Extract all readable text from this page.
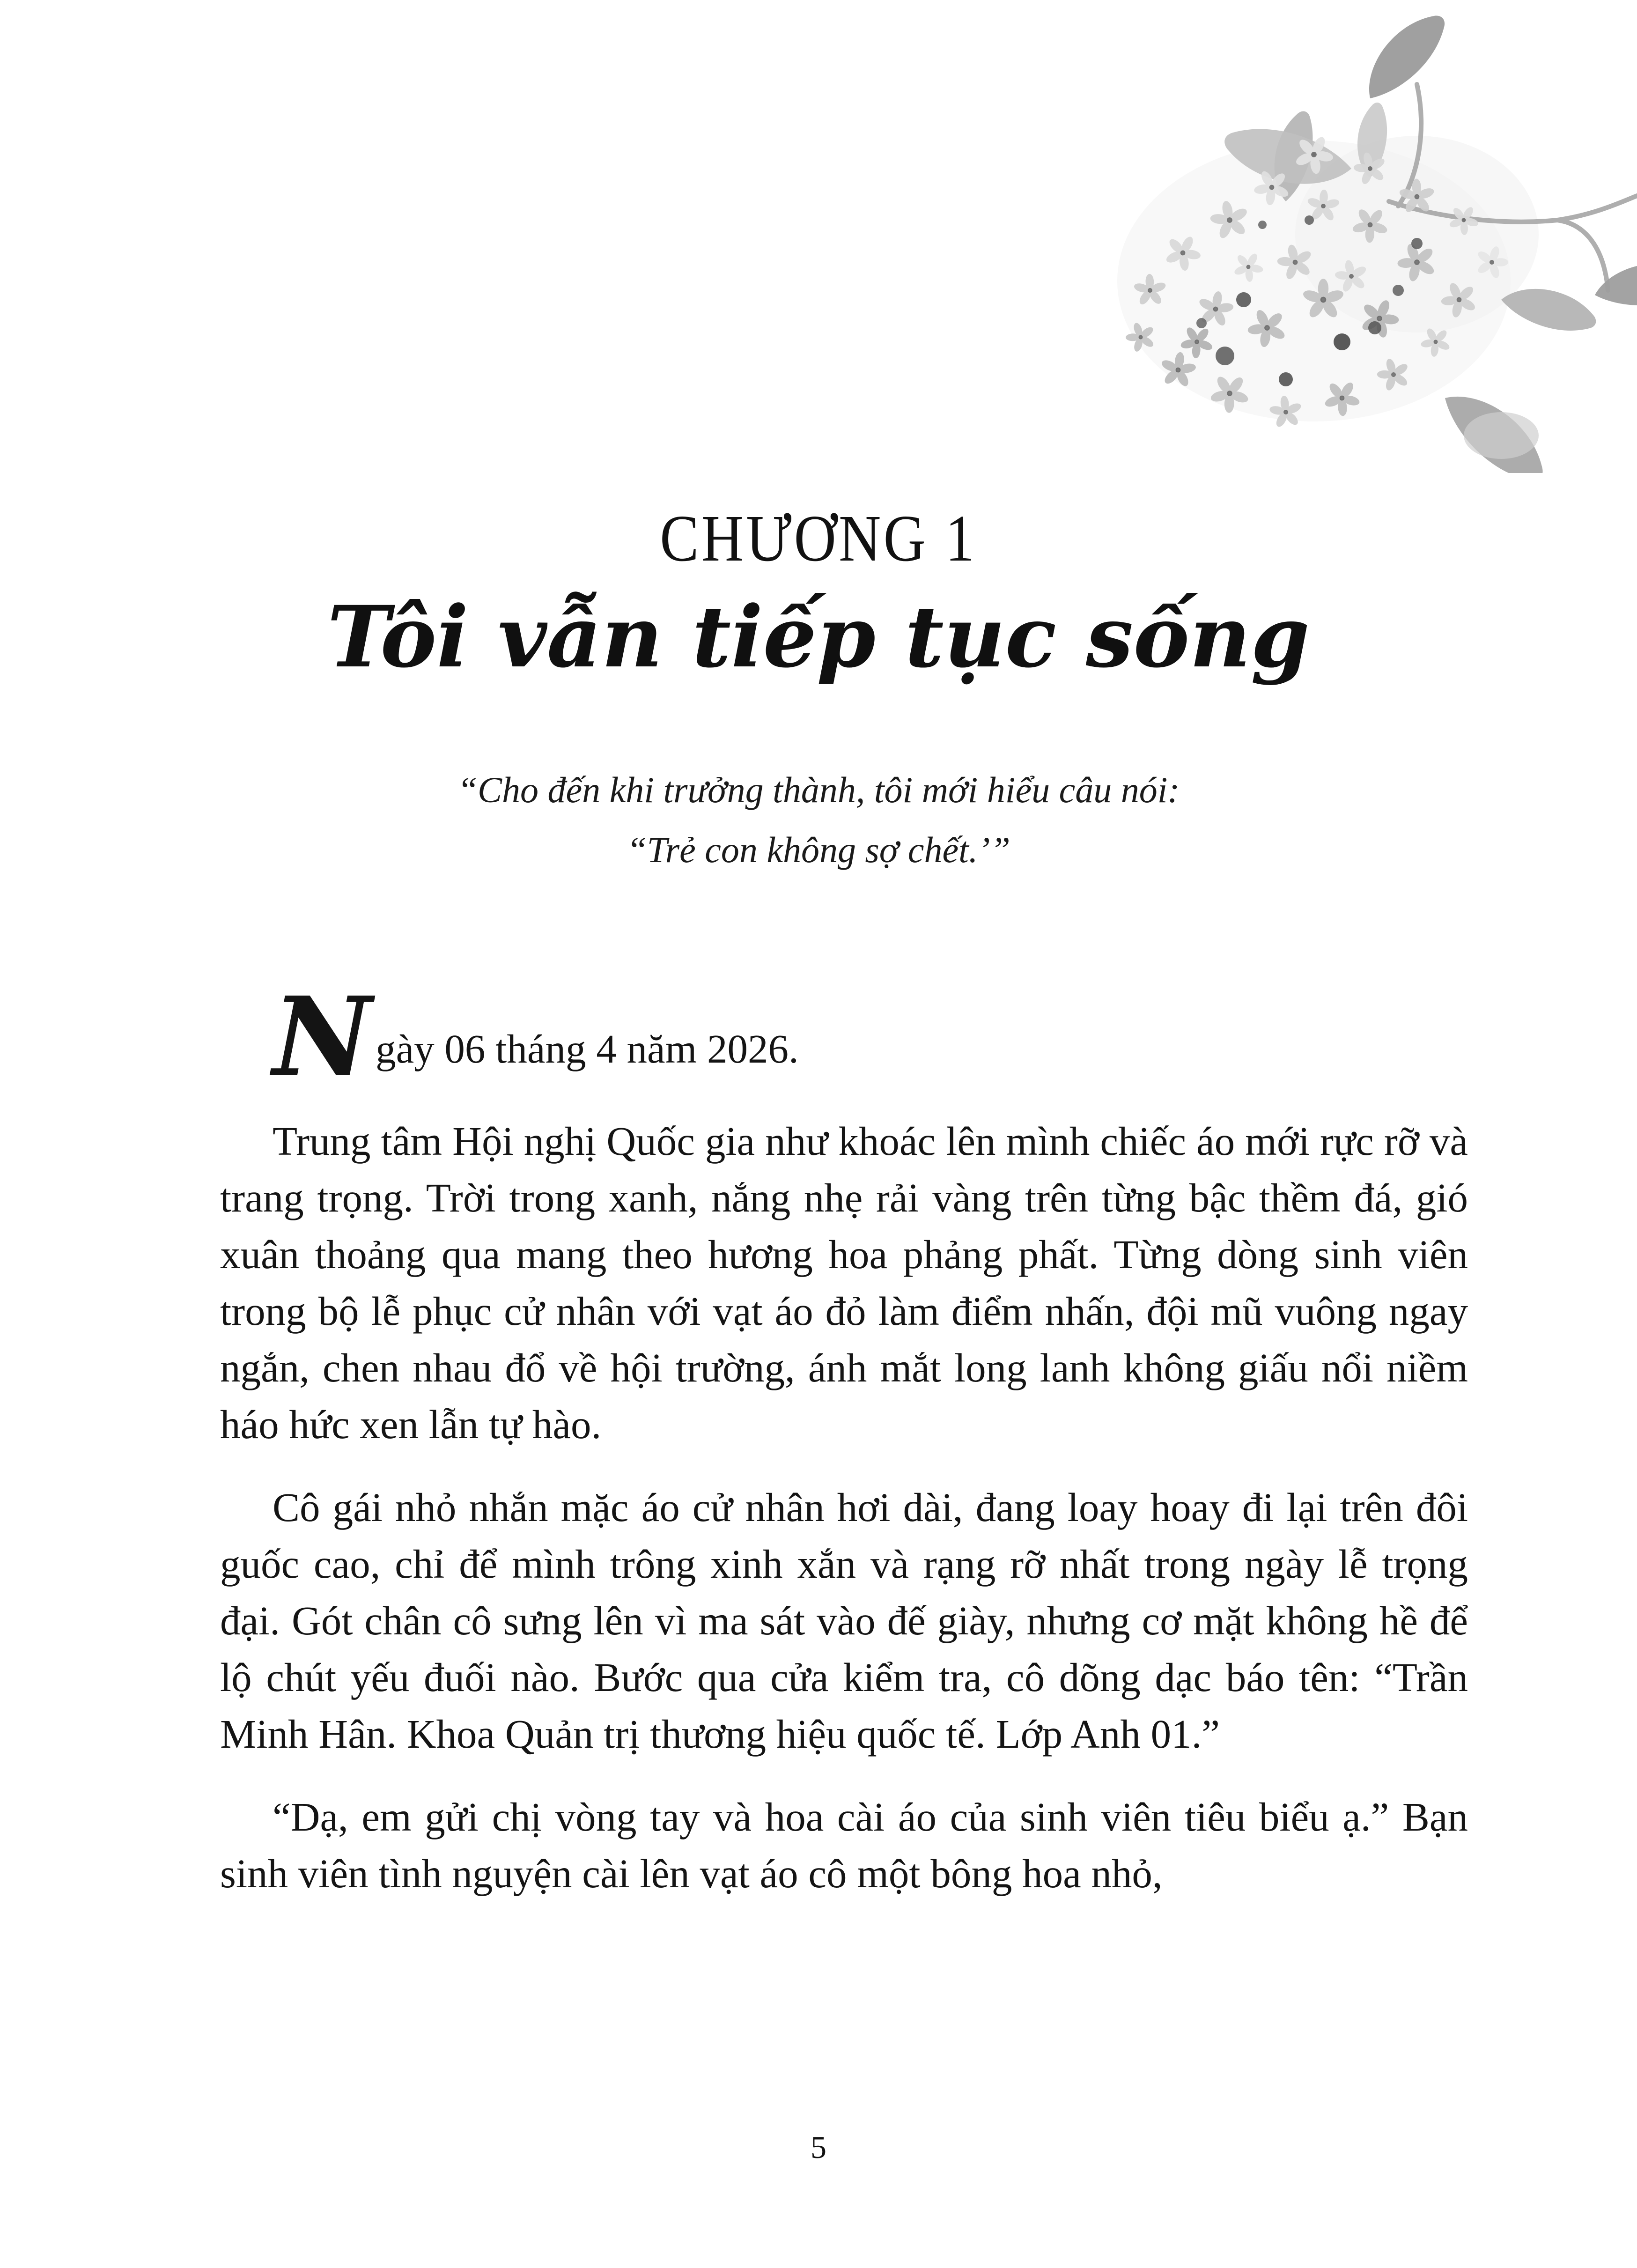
CHƯƠNG 1
Tôi vẫn tiếp tục sống
“Cho đến khi trưởng thành, tôi mới hiểu câu nói:
“Trẻ con không sợ chết.’”

Ngày 06 tháng 4 năm 2026.

Trung tâm Hội nghị Quốc gia như khoác lên mình chiếc áo mới rực rỡ và trang trọng. Trời trong xanh, nắng nhẹ rải vàng trên từng bậc thềm đá, gió xuân thoảng qua mang theo hương hoa phảng phất. Từng dòng sinh viên trong bộ lễ phục cử nhân với vạt áo đỏ làm điểm nhấn, đội mũ vuông ngay ngắn, chen nhau đổ về hội trường, ánh mắt long lanh không giấu nổi niềm háo hức xen lẫn tự hào.

Cô gái nhỏ nhắn mặc áo cử nhân hơi dài, đang loay hoay đi lại trên đôi guốc cao, chỉ để mình trông xinh xắn và rạng rỡ nhất trong ngày lễ trọng đại. Gót chân cô sưng lên vì ma sát vào đế giày, nhưng cơ mặt không hề để lộ chút yếu đuối nào. Bước qua cửa kiểm tra, cô dõng dạc báo tên: “Trần Minh Hân. Khoa Quản trị thương hiệu quốc tế. Lớp Anh 01.”

“Dạ, em gửi chị vòng tay và hoa cài áo của sinh viên tiêu biểu ạ.” Bạn sinh viên tình nguyện cài lên vạt áo cô một bông hoa nhỏ,

5
